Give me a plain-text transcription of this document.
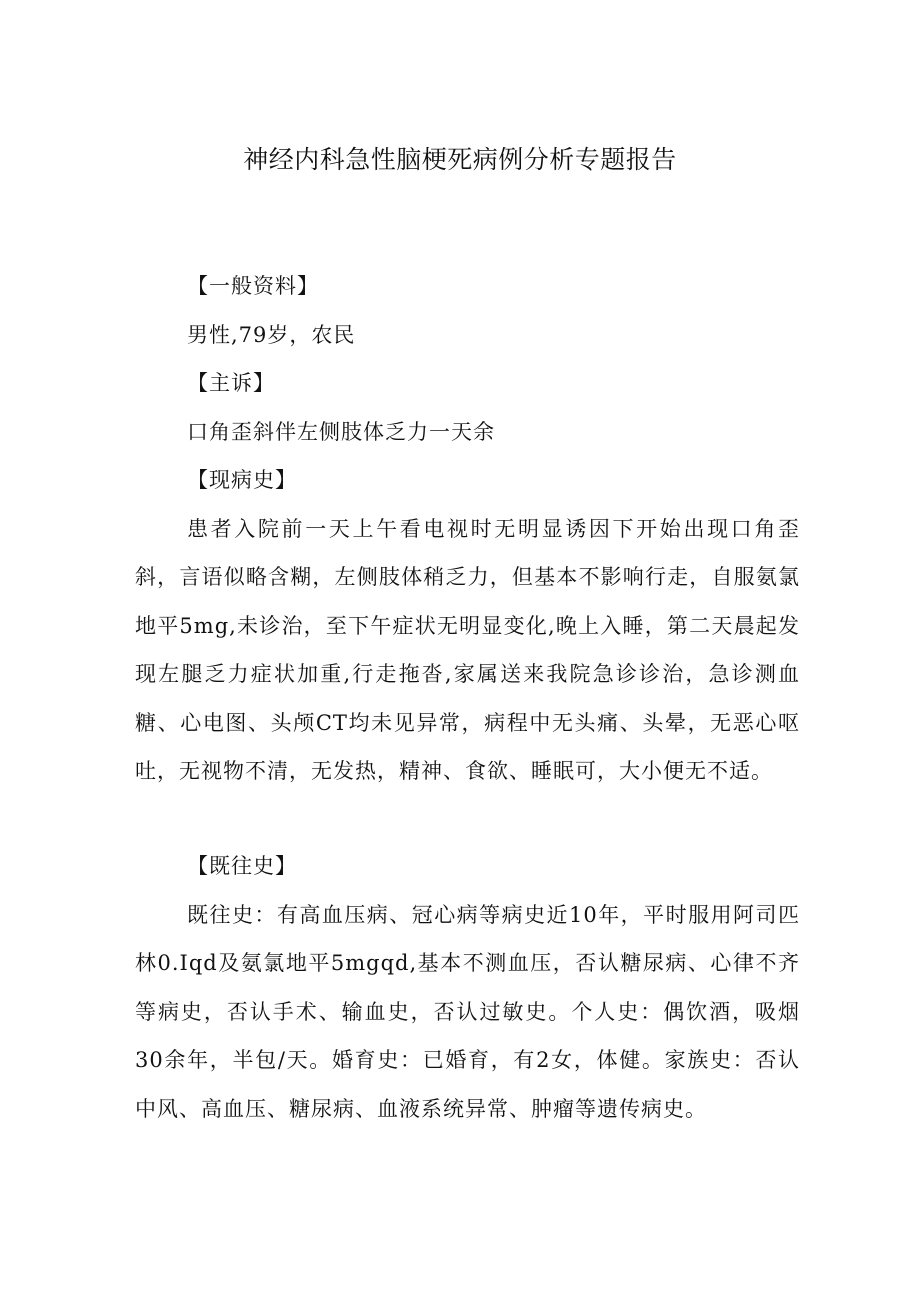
神经内科急性脑梗死病例分析专题报告
【一般资料】
男性,79岁，农民
【主诉】
口角歪斜伴左侧肢体乏力一天余
【现病史】

患者入院前一天上午看电视时无明显诱因下开始出现口角歪斜，言语似略含糊，左侧肢体稍乏力，但基本不影响行走，自服氨氯地平5mg,未诊治，至下午症状无明显变化,晚上入睡，第二天晨起发现左腿乏力症状加重,行走拖沓,家属送来我院急诊诊治，急诊测血糖、心电图、头颅CT均未见异常，病程中无头痛、头晕，无恶心呕吐，无视物不清，无发热，精神、食欲、睡眠可，大小便无不适。

【既往史】

既往史：有高血压病、冠心病等病史近10年，平时服用阿司匹林0.Iqd及氨氯地平5mgqd,基本不测血压，否认糖尿病、心律不齐等病史，否认手术、输血史，否认过敏史。个人史：偶饮酒，吸烟30余年，半包/天。婚育史：已婚育，有2女，体健。家族史：否认中风、高血压、糖尿病、血液系统异常、肿瘤等遗传病史。
